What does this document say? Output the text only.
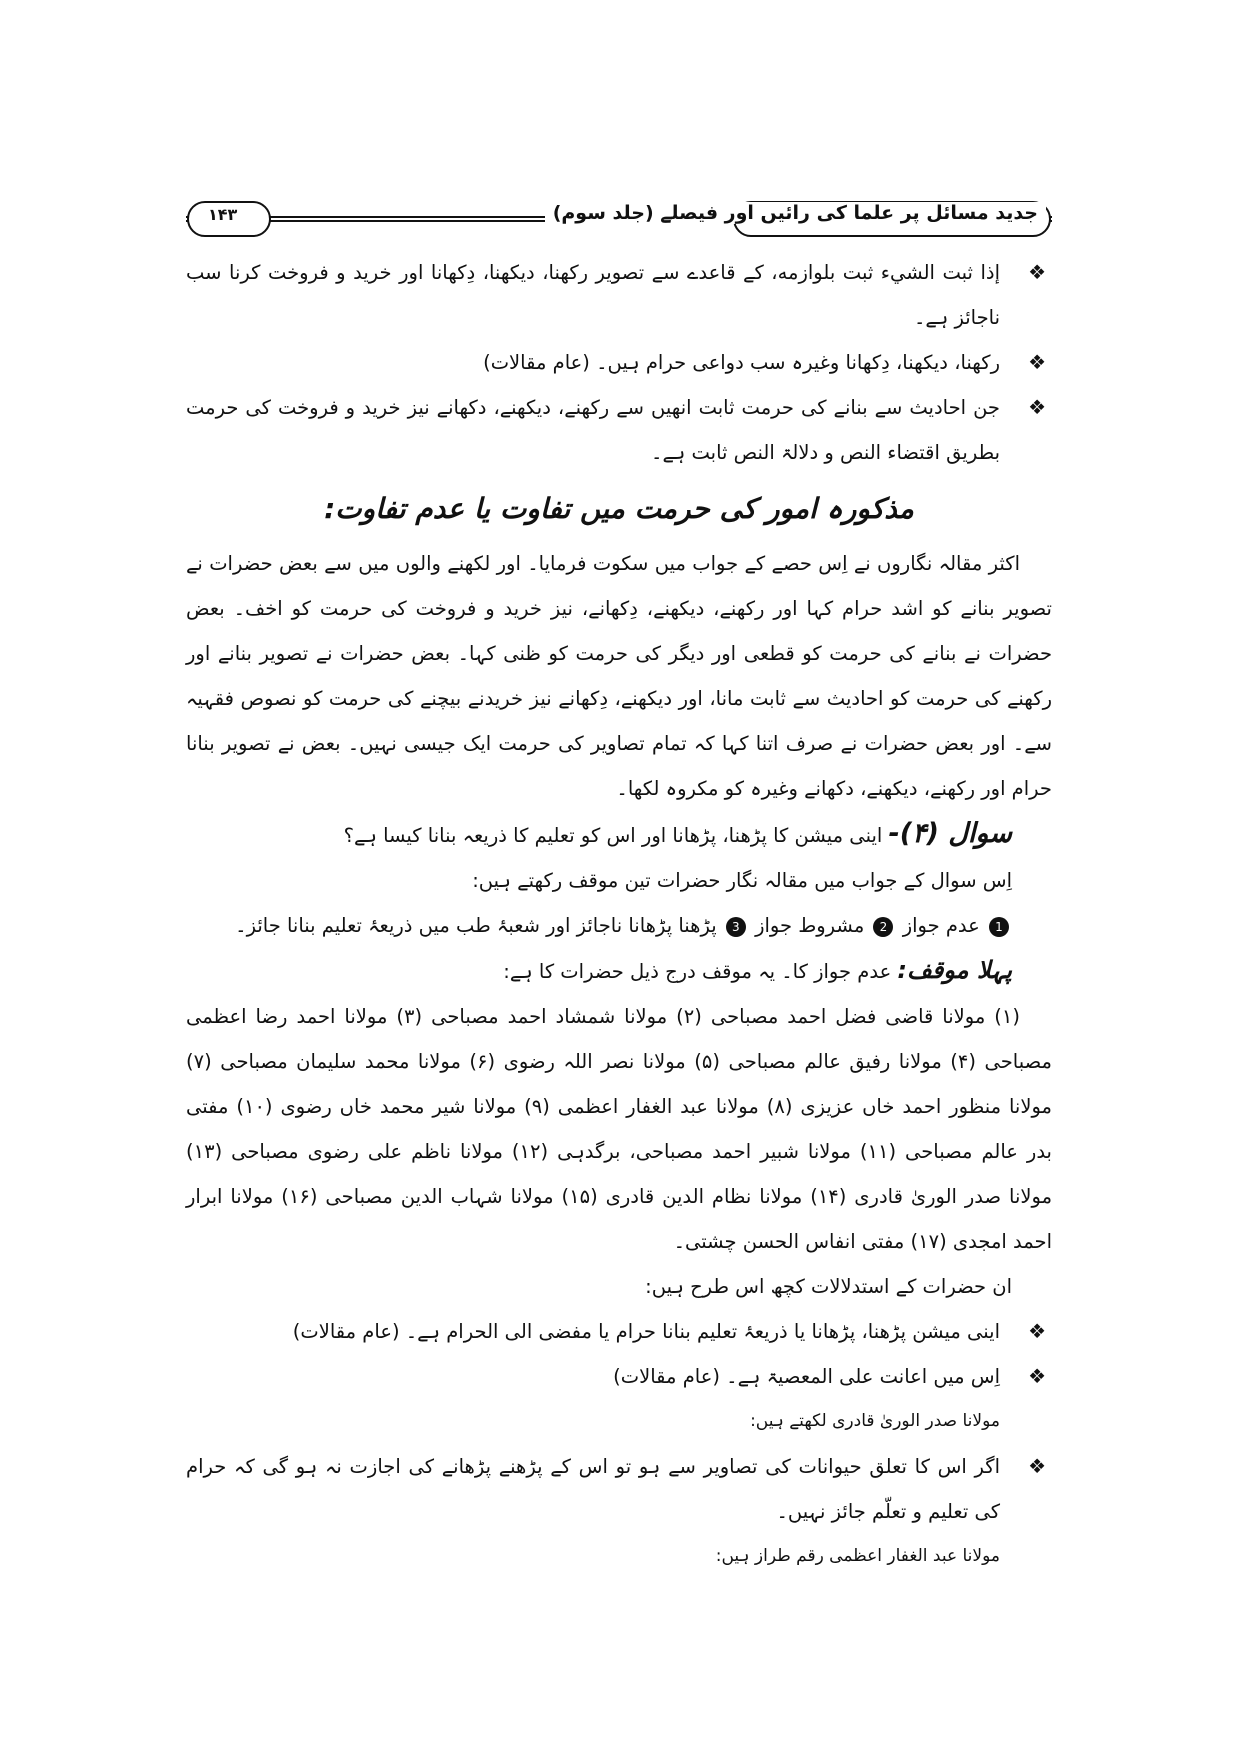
جدید مسائل پر علما کی رائیں اور فیصلے (جلد سوم)
۱۴۳
❖
إذا ثبت الشيء ثبت بلوازمه، کے قاعدے سے تصویر رکھنا، دیکھنا، دِکھانا اور خرید و فروخت کرنا سب ناجائز ہے۔
❖
رکھنا، دیکھنا، دِکھانا وغیرہ سب دواعی حرام ہیں۔ (عام مقالات)
❖
جن احادیث سے بنانے کی حرمت ثابت انھیں سے رکھنے، دیکھنے، دکھانے نیز خرید و فروخت کی حرمت بطریق اقتضاء النص و دلالۃ النص ثابت ہے۔
مذکورہ امور کی حرمت میں تفاوت یا عدم تفاوت:

اکثر مقالہ نگاروں نے اِس حصے کے جواب میں سکوت فرمایا۔ اور لکھنے والوں میں سے بعض حضرات نے تصویر بنانے کو اشد حرام کہا اور رکھنے، دیکھنے، دِکھانے، نیز خرید و فروخت کی حرمت کو اخف۔ بعض حضرات نے بنانے کی حرمت کو قطعی اور دیگر کی حرمت کو ظنی کہا۔ بعض حضرات نے تصویر بنانے اور رکھنے کی حرمت کو احادیث سے ثابت مانا، اور دیکھنے، دِکھانے نیز خریدنے بیچنے کی حرمت کو نصوص فقہیہ سے۔ اور بعض حضرات نے صرف اتنا کہا کہ تمام تصاویر کی حرمت ایک جیسی نہیں۔ بعض نے تصویر بنانا حرام اور رکھنے، دیکھنے، دکھانے وغیرہ کو مکروہ لکھا۔

سوال (۴)- اینی میشن کا پڑھنا، پڑھانا اور اس کو تعلیم کا ذریعہ بنانا کیسا ہے؟

اِس سوال کے جواب میں مقالہ نگار حضرات تین موقف رکھتے ہیں:

1 عدم جواز 2 مشروط جواز 3 پڑھنا پڑھانا ناجائز اور شعبۂ طب میں ذریعۂ تعلیم بنانا جائز۔

پہلا موقف: عدم جواز کا۔ یہ موقف درج ذیل حضرات کا ہے:

(۱) مولانا قاضی فضل احمد مصباحی (۲) مولانا شمشاد احمد مصباحی (۳) مولانا احمد رضا اعظمی مصباحی (۴) مولانا رفیق عالم مصباحی (۵) مولانا نصر اللہ رضوی (۶) مولانا محمد سلیمان مصباحی (۷) مولانا منظور احمد خاں عزیزی (۸) مولانا عبد الغفار اعظمی (۹) مولانا شیر محمد خاں رضوی (۱۰) مفتی بدر عالم مصباحی (۱۱) مولانا شبیر احمد مصباحی، برگدہی (۱۲) مولانا ناظم علی رضوی مصباحی (۱۳) مولانا صدر الوریٰ قادری (۱۴) مولانا نظام الدین قادری (۱۵) مولانا شہاب الدین مصباحی (۱۶) مولانا ابرار احمد امجدی (۱۷) مفتی انفاس الحسن چشتی۔

ان حضرات کے استدلالات کچھ اس طرح ہیں:

❖
اینی میشن پڑھنا، پڑھانا یا ذریعۂ تعلیم بنانا حرام یا مفضی الی الحرام ہے۔ (عام مقالات)
❖
اِس میں اعانت علی المعصیۃ ہے۔ (عام مقالات)

مولانا صدر الوریٰ قادری لکھتے ہیں:

❖
اگر اس کا تعلق حیوانات کی تصاویر سے ہو تو اس کے پڑھنے پڑھانے کی اجازت نہ ہو گی کہ حرام کی تعلیم و تعلّم جائز نہیں۔

مولانا عبد الغفار اعظمی رقم طراز ہیں:
